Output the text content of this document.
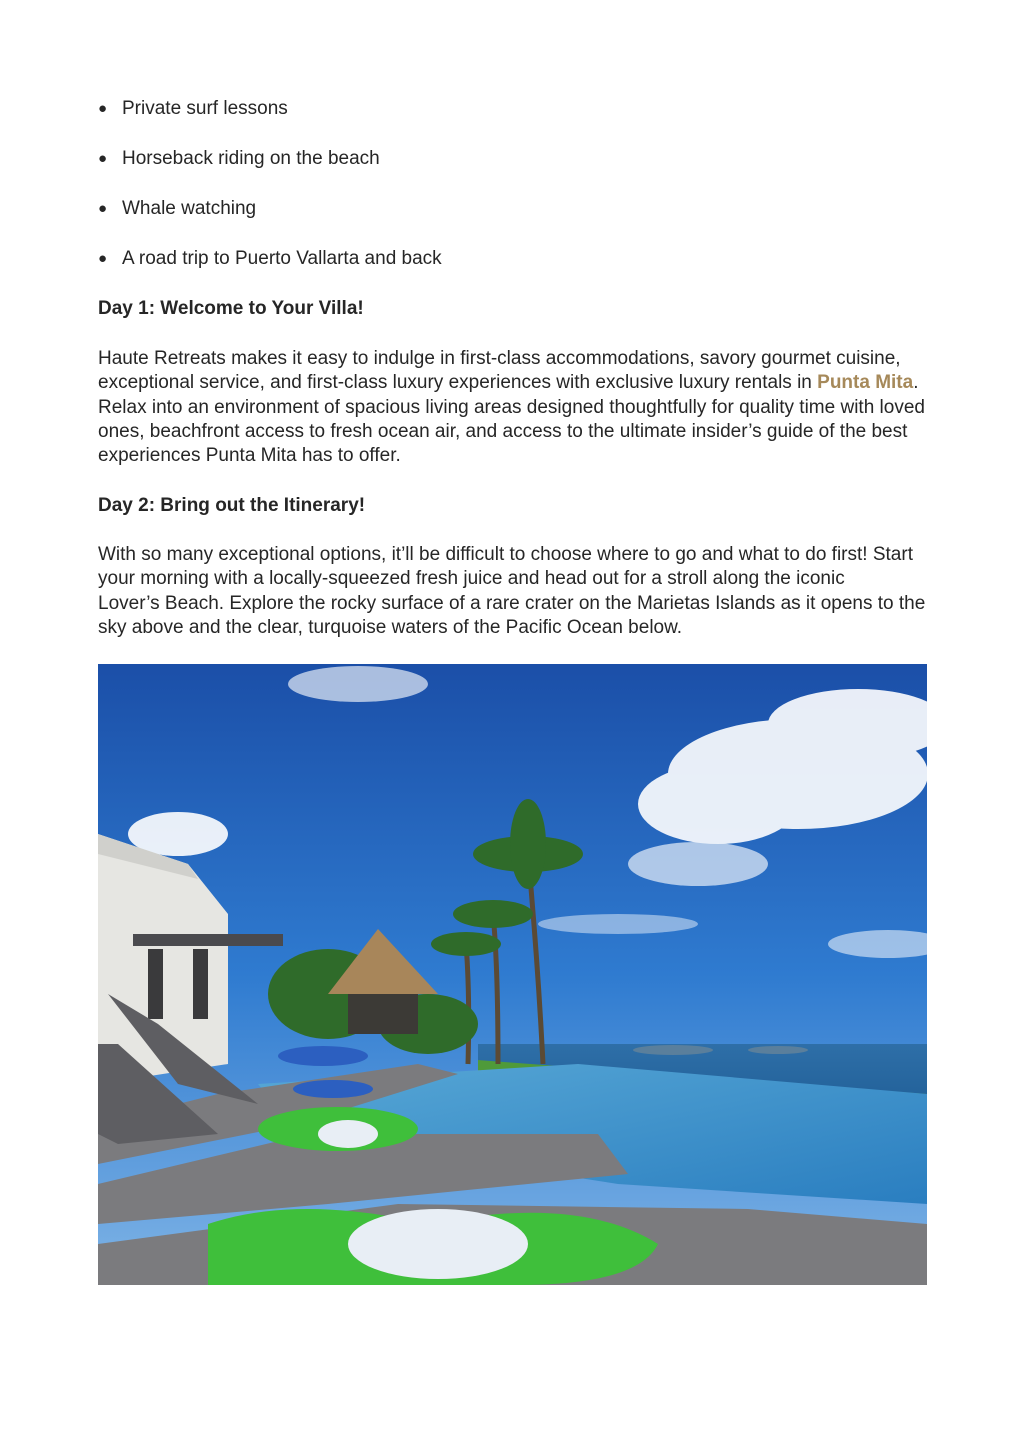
● Private surf lessons
● Horseback riding on the beach
● Whale watching
● A road trip to Puerto Vallarta and back
Day 1: Welcome to Your Villa!

Haute Retreats makes it easy to indulge in first-class accommodations, savory gourmet cuisine, exceptional service, and first-class luxury experiences with exclusive luxury rentals in Punta Mita. Relax into an environment of spacious living areas designed thoughtfully for quality time with loved ones, beachfront access to fresh ocean air, and access to the ultimate insider’s guide of the best experiences Punta Mita has to offer.

Day 2: Bring out the Itinerary!

With so many exceptional options, it’ll be difficult to choose where to go and what to do first! Start your morning with a locally-squeezed fresh juice and head out for a stroll along the iconic
Lover’s Beach. Explore the rocky surface of a rare crater on the Marietas Islands as it opens to the sky above and the clear, turquoise waters of the Pacific Ocean below.
